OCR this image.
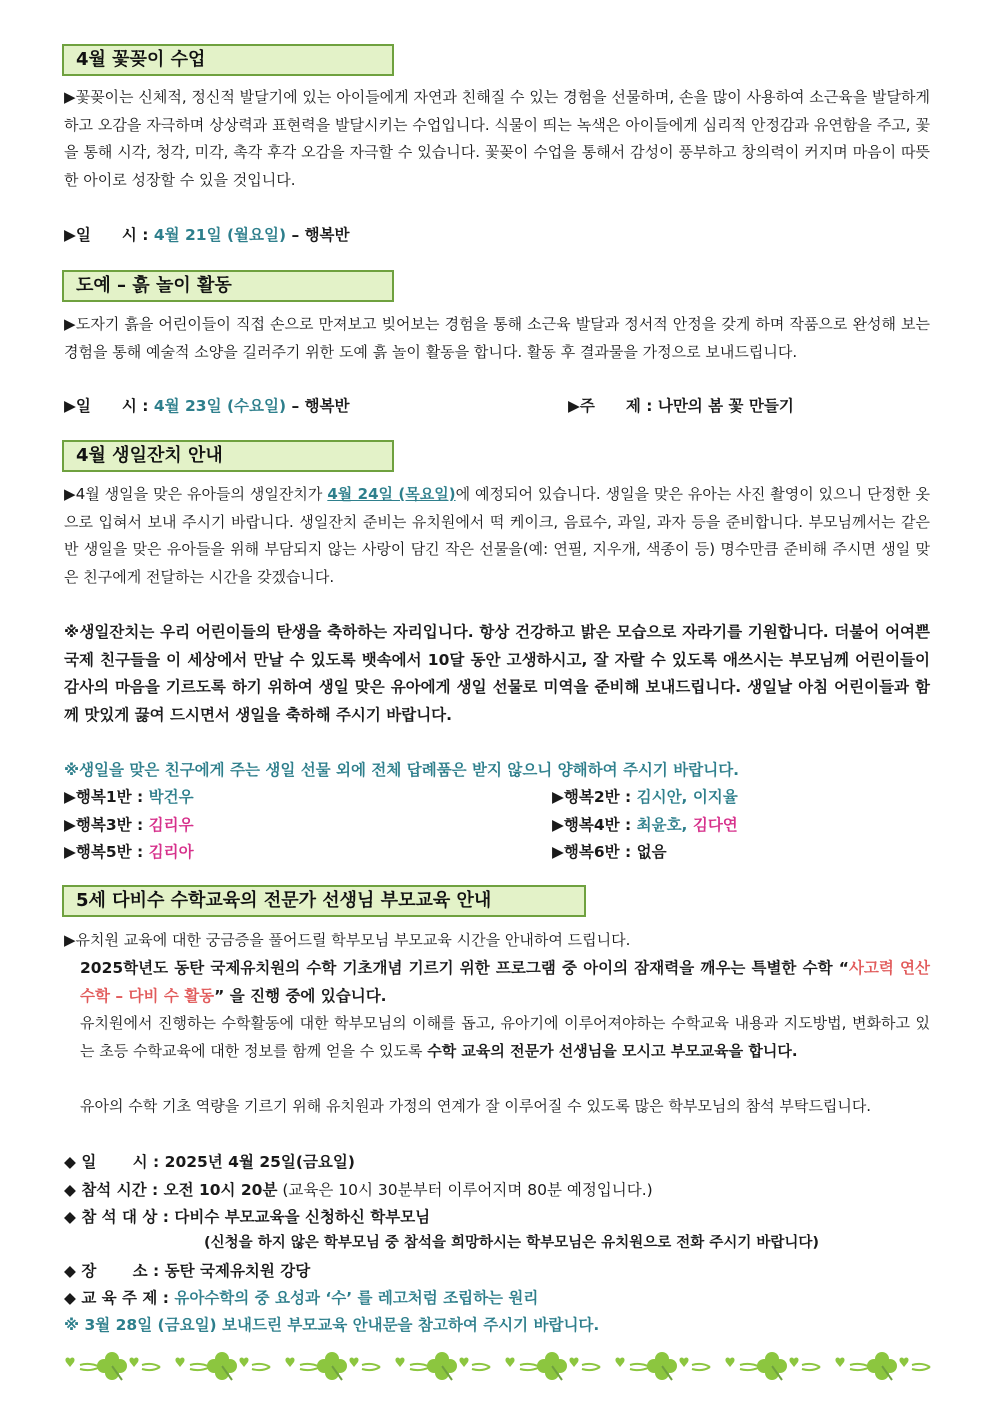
4월 꽃꽂이 수업

▶꽃꽂이는 신체적, 정신적 발달기에 있는 아이들에게 자연과 친해질 수 있는 경험을 선물하며, 손을 많이 사용하여 소근육을 발달하게 하고 오감을 자극하며 상상력과 표현력을 발달시키는 수업입니다. 식물이 띄는 녹색은 아이들에게 심리적 안정감과 유연함을 주고, 꽃을 통해 시각, 청각, 미각, 촉각 후각 오감을 자극할 수 있습니다. 꽃꽂이 수업을 통해서 감성이 풍부하고 창의력이 커지며 마음이 따뜻한 아이로 성장할 수 있을 것입니다.

▶일　　시 : 4월 21일 (월요일) – 행복반
도예 – 흙 놀이 활동

▶도자기 흙을 어린이들이 직접 손으로 만져보고 빚어보는 경험을 통해 소근육 발달과 정서적 안정을 갖게 하며 작품으로 완성해 보는 경험을 통해 예술적 소양을 길러주기 위한 도예 흙 놀이 활동을 합니다. 활동 후 결과물을 가정으로 보내드립니다.

▶일　　시 : 4월 23일 (수요일) – 행복반	▶주　　제 : 나만의 봄 꽃 만들기
4월 생일잔치 안내

▶4월 생일을 맞은 유아들의 생일잔치가 4월 24일 (목요일)에 예정되어 있습니다. 생일을 맞은 유아는 사진 촬영이 있으니 단정한 옷으로 입혀서 보내 주시기 바랍니다. 생일잔치 준비는 유치원에서 떡 케이크, 음료수, 과일, 과자 등을 준비합니다. 부모님께서는 같은 반 생일을 맞은 유아들을 위해 부담되지 않는 사랑이 담긴 작은 선물을(예: 연필, 지우개, 색종이 등) 명수만큼 준비해 주시면 생일 맞은 친구에게 전달하는 시간을 갖겠습니다.

※생일잔치는 우리 어린이들의 탄생을 축하하는 자리입니다. 항상 건강하고 밝은 모습으로 자라기를 기원합니다. 더불어 어여쁜 국제 친구들을 이 세상에서 만날 수 있도록 뱃속에서 10달 동안 고생하시고, 잘 자랄 수 있도록 애쓰시는 부모님께 어린이들이 감사의 마음을 기르도록 하기 위하여 생일 맞은 유아에게 생일 선물로 미역을 준비해 보내드립니다. 생일날 아침 어린이들과 함께 맛있게 끓여 드시면서 생일을 축하해 주시기 바랍니다.

※생일을 맞은 친구에게 주는 생일 선물 외에 전체 답례품은 받지 않으니 양해하여 주시기 바랍니다.
▶행복1반 : 박건우	▶행복2반 : 김시안, 이지율
▶행복3반 : 김리우	▶행복4반 : 최윤호, 김다연
▶행복5반 : 김리아	▶행복6반 : 없음
5세 다비수 수학교육의 전문가 선생님 부모교육 안내
▶유치원 교육에 대한 궁금증을 풀어드릴 학부모님 부모교육 시간을 안내하여 드립니다.

2025학년도 동탄 국제유치원의 수학 기초개념 기르기 위한 프로그램 중 아이의 잠재력을 깨우는 특별한 수학 “사고력 연산 수학 – 다비 수 활동” 을 진행 중에 있습니다.

유치원에서 진행하는 수학활동에 대한 학부모님의 이해를 돕고, 유아기에 이루어져야하는 수학교육 내용과 지도방법, 변화하고 있는 초등 수학교육에 대한 정보를 함께 얻을 수 있도록 수학 교육의 전문가 선생님을 모시고 부모교육을 합니다.

유아의 수학 기초 역량을 기르기 위해 유치원과 가정의 연계가 잘 이루어질 수 있도록 많은 학부모님의 참석 부탁드립니다.

◆ 일　　 시 : 2025년 4월 25일(금요일)
◆ 참석 시간 : 오전 10시 20분 (교육은 10시 30분부터 이루어지며 80분 예정입니다.)
◆ 참 석 대 상 : 다비수 부모교육을 신청하신 학부모님
(신청을 하지 않은 학부모님 중 참석을 희망하시는 학부모님은 유치원으로 전화 주시기 바랍니다)
◆ 장　　 소 : 동탄 국제유치원 강당
◆ 교 육 주 제 : 유아수학의 중 요성과 ‘수’ 를 레고처럼 조립하는 원리
※ 3월 28일 (금요일) 보내드린 부모교육 안내문을 참고하여 주시기 바랍니다.
